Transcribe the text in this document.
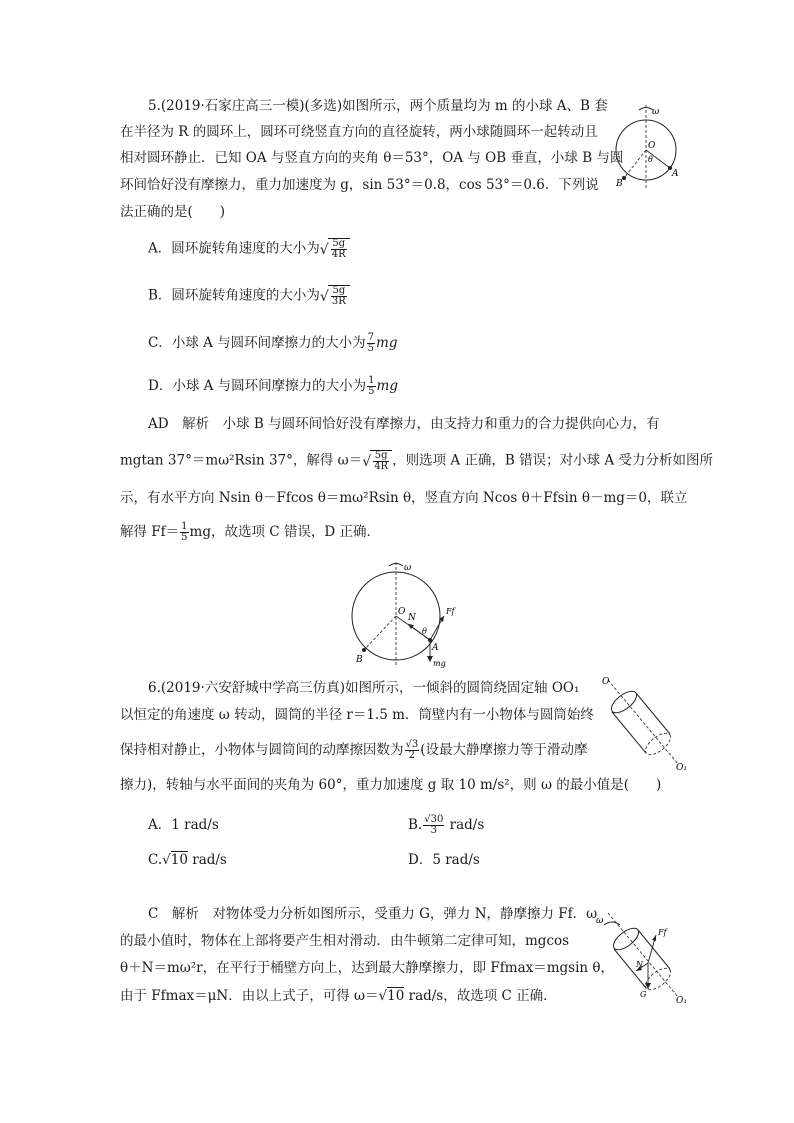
5.(2019·石家庄高三一模)(多选)如图所示，两个质量均为 m 的小球 A、B 套
在半径为 R 的圆环上，圆环可绕竖直方向的直径旋转，两小球随圆环一起转动且
相对圆环静止．已知 OA 与竖直方向的夹角 θ＝53°，OA 与 OB 垂直，小球 B 与圆
环间恰好没有摩擦力，重力加速度为 g，sin 53°＝0.8，cos 53°＝0.6．下列说
法正确的是(　　)
ω
O
θ
A
B
A．圆环旋转角速度的大小为 √ $\frac{5g}{4R}$
B．圆环旋转角速度的大小为 √ $\frac{5g}{3R}$
C．小球 A 与圆环间摩擦力的大小为 $\frac{7}{5}$ mg
D．小球 A 与圆环间摩擦力的大小为 $\frac{1}{5}$ mg
AD　解析　小球 B 与圆环间恰好没有摩擦力，由支持力和重力的合力提供向心力，有
mgtan 37°＝mω²Rsin 37°，解得 ω＝ √ $\frac{5g}{4R}$ ，则选项 A 正确，B 错误；对小球 A 受力分析如图所
示，有水平方向 Nsin θ－Ffcos θ＝mω²Rsin θ，竖直方向 Ncos θ＋Ffsin θ－mg＝0，联立
解得 $Ff= \frac{1}{5}$ mg，故选项 C 错误，D 正确．
ω
O
A
B
N
Ff
mg
θ
6.(2019·六安舒城中学高三仿真)如图所示，一倾斜的圆筒绕固定轴 OO₁
以恒定的角速度 ω 转动，圆筒的半径 r＝1.5 m．筒壁内有一小物体与圆筒始终
保持相对静止，小物体与圆筒间的动摩擦因数为 $\frac{√3}{2}$ (设最大静摩擦力等于滑动摩
擦力)，转轴与水平面间的夹角为 60°，重力加速度 g 取 10 m/s²，则 ω 的最小值是(　　)
O
O₁
A．1 rad/s	B. $\frac{√30}{3} rad/s$
C.√10 rad/s	D．5 rad/s
C　解析　对物体受力分析如图所示，受重力 G，弹力 N，静摩擦力 Ff．ω
的最小值时，物体在上部将要产生相对滑动．由牛顿第二定律可知，mgcos
θ＋N＝mω²r，在平行于桶壁方向上，达到最大静摩擦力，即 Ffmax＝mgsin θ，
由于 Ffmax＝μN．由以上式子，可得 ω＝√10 rad/s，故选项 C 正确．
ω
O₁
Ff
N
G
